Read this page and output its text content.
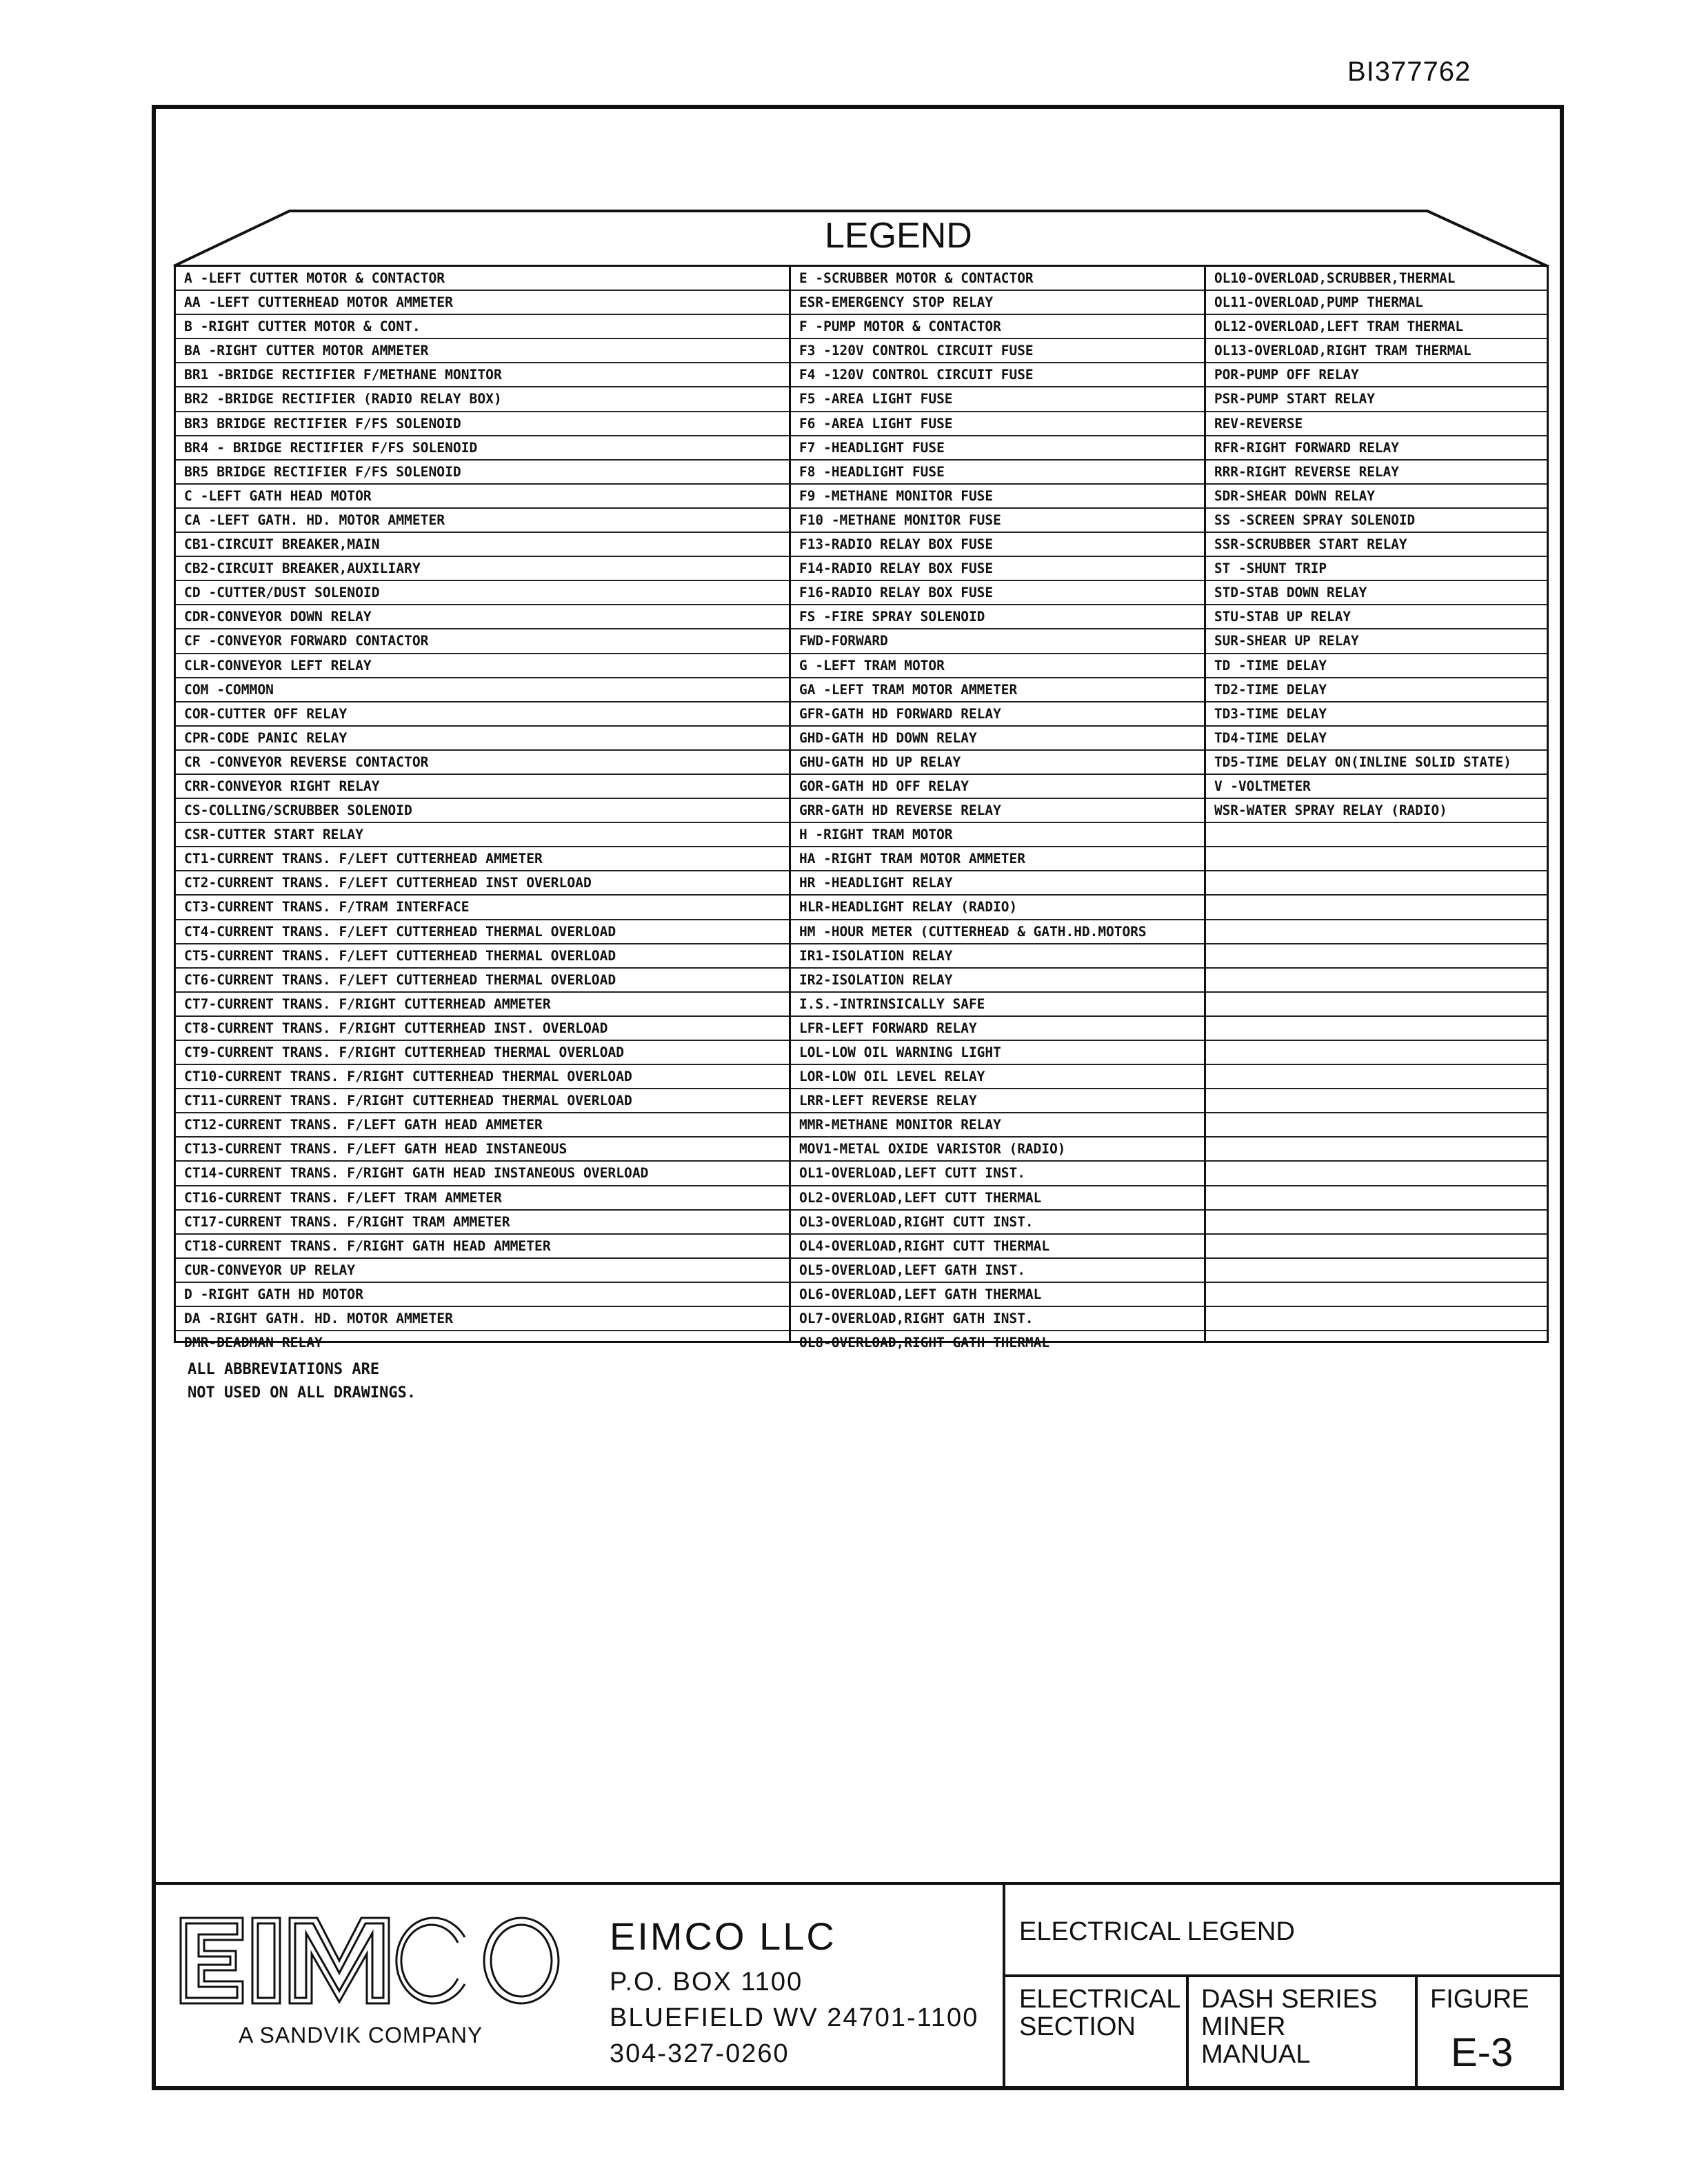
BI377762
LEGEND
A -LEFT CUTTER MOTOR & CONTACTOR
AA -LEFT CUTTERHEAD MOTOR AMMETER
B -RIGHT CUTTER MOTOR & CONT.
BA -RIGHT CUTTER MOTOR AMMETER
BR1 -BRIDGE RECTIFIER F/METHANE MONITOR
BR2 -BRIDGE RECTIFIER (RADIO RELAY BOX)
BR3 BRIDGE RECTIFIER F/FS SOLENOID
BR4 - BRIDGE RECTIFIER F/FS SOLENOID
BR5 BRIDGE RECTIFIER F/FS SOLENOID
C -LEFT GATH HEAD MOTOR
CA -LEFT GATH. HD. MOTOR AMMETER
CB1-CIRCUIT BREAKER,MAIN
CB2-CIRCUIT BREAKER,AUXILIARY
CD -CUTTER/DUST SOLENOID
CDR-CONVEYOR DOWN RELAY
CF -CONVEYOR FORWARD CONTACTOR
CLR-CONVEYOR LEFT RELAY
COM -COMMON
COR-CUTTER OFF RELAY
CPR-CODE PANIC RELAY
CR -CONVEYOR REVERSE CONTACTOR
CRR-CONVEYOR RIGHT RELAY
CS-COLLING/SCRUBBER SOLENOID
CSR-CUTTER START RELAY
CT1-CURRENT TRANS. F/LEFT CUTTERHEAD AMMETER
CT2-CURRENT TRANS. F/LEFT CUTTERHEAD INST OVERLOAD
CT3-CURRENT TRANS. F/TRAM INTERFACE
CT4-CURRENT TRANS. F/LEFT CUTTERHEAD THERMAL OVERLOAD
CT5-CURRENT TRANS. F/LEFT CUTTERHEAD THERMAL OVERLOAD
CT6-CURRENT TRANS. F/LEFT CUTTERHEAD THERMAL OVERLOAD
CT7-CURRENT TRANS. F/RIGHT CUTTERHEAD AMMETER
CT8-CURRENT TRANS. F/RIGHT CUTTERHEAD INST. OVERLOAD
CT9-CURRENT TRANS. F/RIGHT CUTTERHEAD THERMAL OVERLOAD
CT10-CURRENT TRANS. F/RIGHT CUTTERHEAD THERMAL OVERLOAD
CT11-CURRENT TRANS. F/RIGHT CUTTERHEAD THERMAL OVERLOAD
CT12-CURRENT TRANS. F/LEFT GATH HEAD AMMETER
CT13-CURRENT TRANS. F/LEFT GATH HEAD INSTANEOUS
CT14-CURRENT TRANS. F/RIGHT GATH HEAD INSTANEOUS OVERLOAD
CT16-CURRENT TRANS. F/LEFT TRAM AMMETER
CT17-CURRENT TRANS. F/RIGHT TRAM AMMETER
CT18-CURRENT TRANS. F/RIGHT GATH HEAD AMMETER
CUR-CONVEYOR UP RELAY
D -RIGHT GATH HD MOTOR
DA -RIGHT GATH. HD. MOTOR AMMETER
DMR-DEADMAN RELAY
E -SCRUBBER MOTOR & CONTACTOR
ESR-EMERGENCY STOP RELAY
F -PUMP MOTOR & CONTACTOR
F3 -120V CONTROL CIRCUIT FUSE
F4 -120V CONTROL CIRCUIT FUSE
F5 -AREA LIGHT FUSE
F6 -AREA LIGHT FUSE
F7 -HEADLIGHT FUSE
F8 -HEADLIGHT FUSE
F9 -METHANE MONITOR FUSE
F10 -METHANE MONITOR FUSE
F13-RADIO RELAY BOX FUSE
F14-RADIO RELAY BOX FUSE
F16-RADIO RELAY BOX FUSE
FS -FIRE SPRAY SOLENOID
FWD-FORWARD
G -LEFT TRAM MOTOR
GA -LEFT TRAM MOTOR AMMETER
GFR-GATH HD FORWARD RELAY
GHD-GATH HD DOWN RELAY
GHU-GATH HD UP RELAY
GOR-GATH HD OFF RELAY
GRR-GATH HD REVERSE RELAY
H -RIGHT TRAM MOTOR
HA -RIGHT TRAM MOTOR AMMETER
HR -HEADLIGHT RELAY
HLR-HEADLIGHT RELAY (RADIO)
HM -HOUR METER (CUTTERHEAD & GATH.HD.MOTORS
IR1-ISOLATION RELAY
IR2-ISOLATION RELAY
I.S.-INTRINSICALLY SAFE
LFR-LEFT FORWARD RELAY
LOL-LOW OIL WARNING LIGHT
LOR-LOW OIL LEVEL RELAY
LRR-LEFT REVERSE RELAY
MMR-METHANE MONITOR RELAY
MOV1-METAL OXIDE VARISTOR (RADIO)
OL1-OVERLOAD,LEFT CUTT INST.
OL2-OVERLOAD,LEFT CUTT THERMAL
OL3-OVERLOAD,RIGHT CUTT INST.
OL4-OVERLOAD,RIGHT CUTT THERMAL
OL5-OVERLOAD,LEFT GATH INST.
OL6-OVERLOAD,LEFT GATH THERMAL
OL7-OVERLOAD,RIGHT GATH INST.
OL8-OVERLOAD,RIGHT GATH THERMAL
OL10-OVERLOAD,SCRUBBER,THERMAL
OL11-OVERLOAD,PUMP THERMAL
OL12-OVERLOAD,LEFT TRAM THERMAL
OL13-OVERLOAD,RIGHT TRAM THERMAL
POR-PUMP OFF RELAY
PSR-PUMP START RELAY
REV-REVERSE
RFR-RIGHT FORWARD RELAY
RRR-RIGHT REVERSE RELAY
SDR-SHEAR DOWN RELAY
SS -SCREEN SPRAY SOLENOID
SSR-SCRUBBER START RELAY
ST -SHUNT TRIP
STD-STAB DOWN RELAY
STU-STAB UP RELAY
SUR-SHEAR UP RELAY
TD -TIME DELAY
TD2-TIME DELAY
TD3-TIME DELAY
TD4-TIME DELAY
TD5-TIME DELAY ON(INLINE SOLID STATE)
V -VOLTMETER
WSR-WATER SPRAY RELAY (RADIO)
ALL ABBREVIATIONS ARE
NOT USED ON ALL DRAWINGS.
A SANDVIK COMPANY
EIMCO LLC
P.O. BOX 1100
BLUEFIELD WV 24701-1100
304-327-0260
ELECTRICAL LEGEND
ELECTRICAL
SECTION
DASH SERIES
MINER
MANUAL
FIGURE
E-3
